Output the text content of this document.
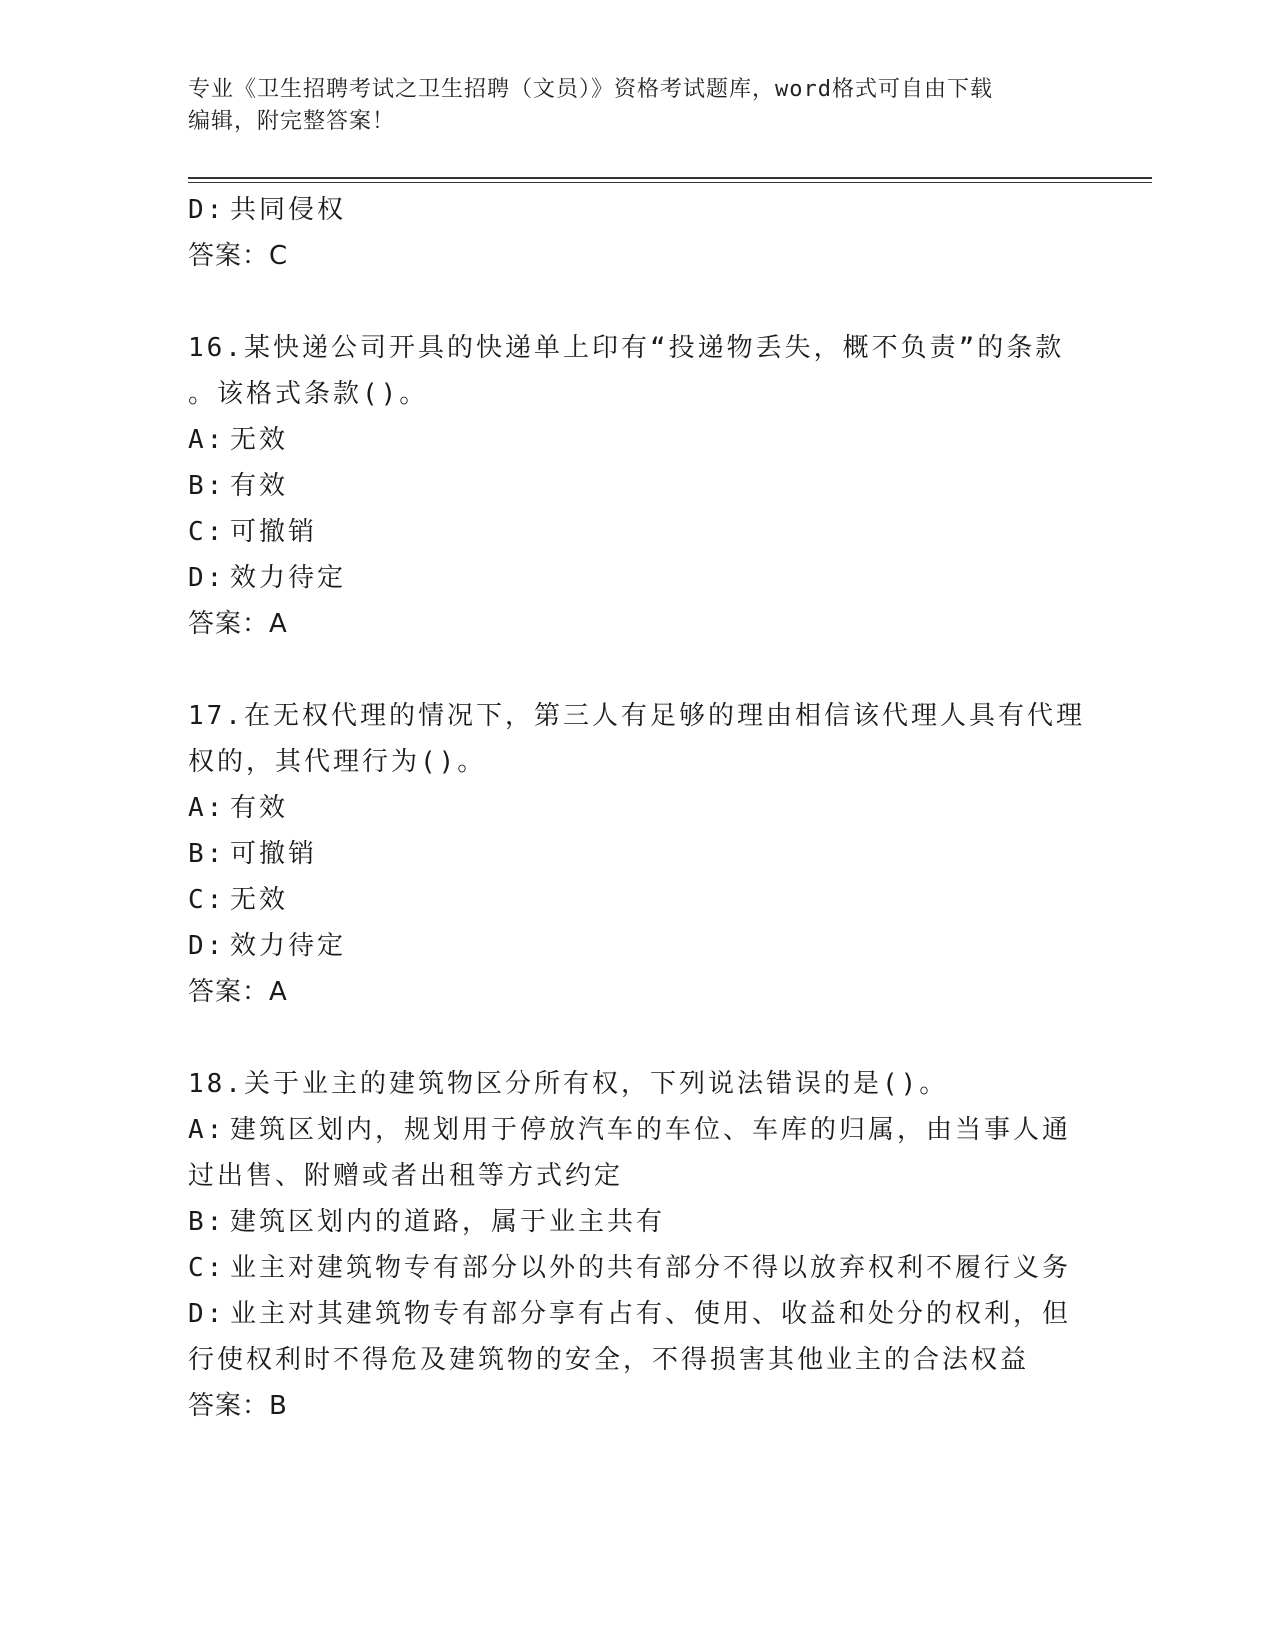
专业《卫生招聘考试之卫生招聘（文员）》资格考试题库，word格式可自由下载
编辑，附完整答案！
D: 共同侵权
答案：C
16.某快递公司开具的快递单上印有“投递物丢失，概不负责”的条款
。该格式条款()。
A: 无效
B: 有效
C: 可撤销
D: 效力待定
答案：A
17.在无权代理的情况下，第三人有足够的理由相信该代理人具有代理
权的，其代理行为()。
A: 有效
B: 可撤销
C: 无效
D: 效力待定
答案：A
18.关于业主的建筑物区分所有权，下列说法错误的是()。
A: 建筑区划内，规划用于停放汽车的车位、车库的归属，由当事人通
过出售、附赠或者出租等方式约定
B: 建筑区划内的道路，属于业主共有
C: 业主对建筑物专有部分以外的共有部分不得以放弃权利不履行义务
D: 业主对其建筑物专有部分享有占有、使用、收益和处分的权利，但
行使权利时不得危及建筑物的安全，不得损害其他业主的合法权益
答案：B
